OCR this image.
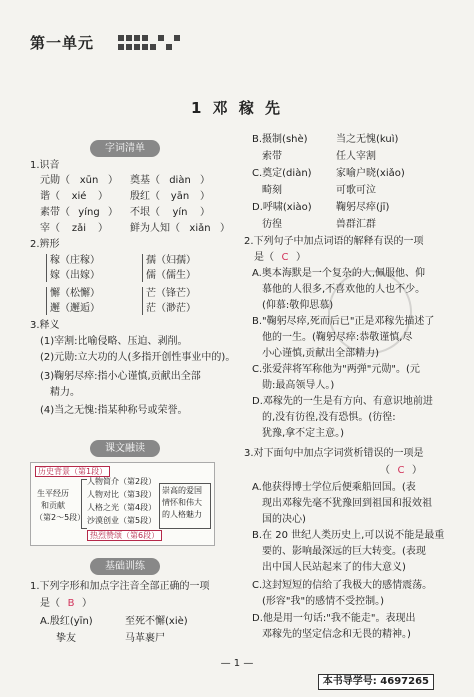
第一单元
1 邓 稼 先
字词清单
1.识音
元勋（ xūn ） 奠基（ diàn ）
谐（ xié ） 殷红（ yān ）
素带（ yíng ） 不垠（ yín ）
宰（ zǎi ） 鲜为人知（ xiǎn ）
2.辨形
稼（庄稼）	孺（妇孺）
嫁（出嫁）	儒（儒生）
懈（松懈）	芒（锋芒）
邂（邂逅）	茫（渺茫）
3.释义
(1)宰割:比喻侵略、压迫、剥削。
(2)元勋:立大功的人(多指开创性事业中的)。
(3)鞠躬尽瘁:指小心谨慎,贡献出全部
精力。
(4)当之无愧:指某种称号或荣誉。
课文融读
历史背景（第1段）
生平经历
和贡献
（第2～5段）
人物简介（第2段）
人物对比（第3段）
人格之光（第4段）
沙漠创业（第5段）
热烈赞颂（第6段）
崇高的爱国
情怀和伟大
的人格魅力
基础训练
1.下列字形和加点字注音全部正确的一项
是（ B ）
A.殷红(yīn)	至死不懈(xiè)
挚友	马革裹尸
B.摄制(shè)	当之无愧(kuì)
索带	任人宰割
C.奠定(diàn) 家喻户晓(xiǎo)
畸刻	可歌可泣
D.呼啸(xiào) 鞠躬尽瘁(jī)
彷徨	兽群汇群
2.下列句子中加点词语的解释有误的一项
是（ C ）
A.奥本海默是一个复杂的人,佩服他、仰
慕他的人很多,不喜欢他的人也不少。
(仰慕:敬仰思慕)
B."鞠躬尽瘁,死而后已"正是邓稼先描述了
他的一生。(鞠躬尽瘁:恭敬谨慎,尽
小心谨慎,贡献出全部精力)
C.张爱萍将军称他为"两弹"元勋"。(元
勋:最高领导人。)
D.邓稼先的一生是有方向、有意识地前进
的,没有彷徨,没有恐惧。(彷徨:
犹豫,拿不定主意。)
3.对下面句中加点字词赏析错误的一项是
（ C ）
A.他获得博士学位后便乘船回国。(表
现出邓稼先毫不犹豫回到祖国和报效祖
国的决心)
B.在 20 世纪人类历史上,可以说不能是最重
要的、影响最深远的巨大转变。(表现
出中国人民站起来了的伟大意义)
C.这封短短的信给了我极大的感情震荡。
(形容"我"的感情不受控制。)
D.他是用一句话:"我不能走"。表现出
邓稼先的坚定信念和无畏的精神。)
— 1 —
本书导学号: 4697265
